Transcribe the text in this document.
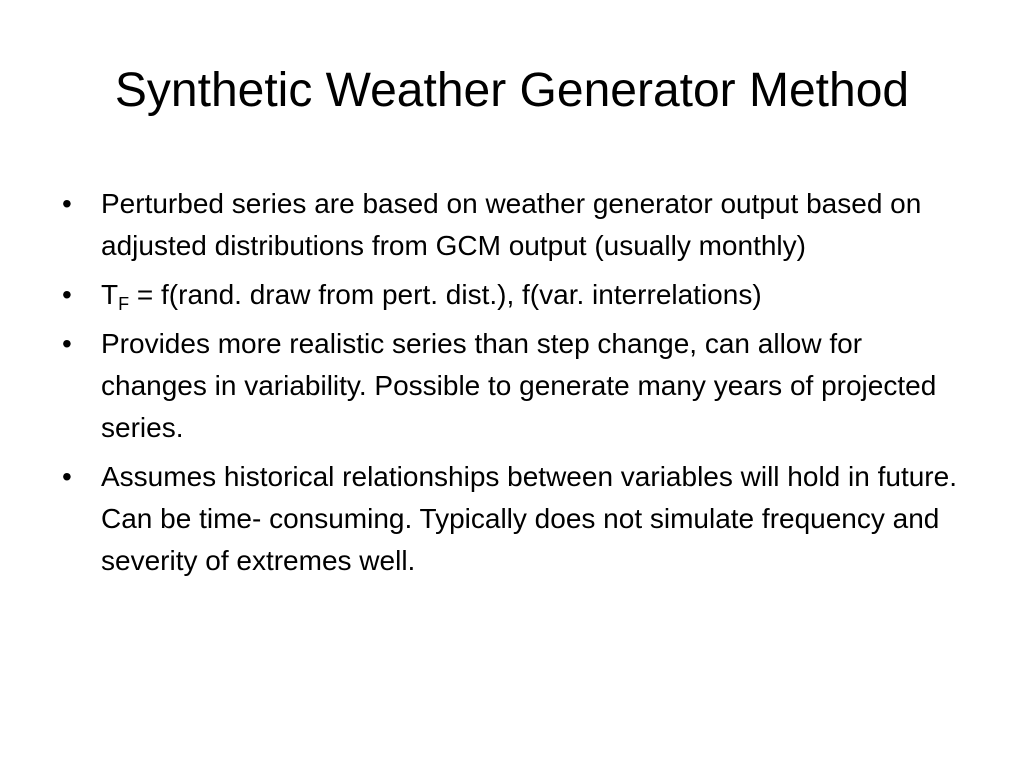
Synthetic Weather Generator Method
•	Perturbed series are based on weather generator output based on adjusted distributions from GCM output (usually monthly)
•	$T_F$ = f(rand. draw from pert. dist.), f(var. interrelations)
•	Provides more realistic series than step change, can allow for changes in variability. Possible to generate many years of projected series.
•	Assumes historical relationships between variables will hold in future. Can be time- consuming. Typically does not simulate frequency and severity of extremes well.
